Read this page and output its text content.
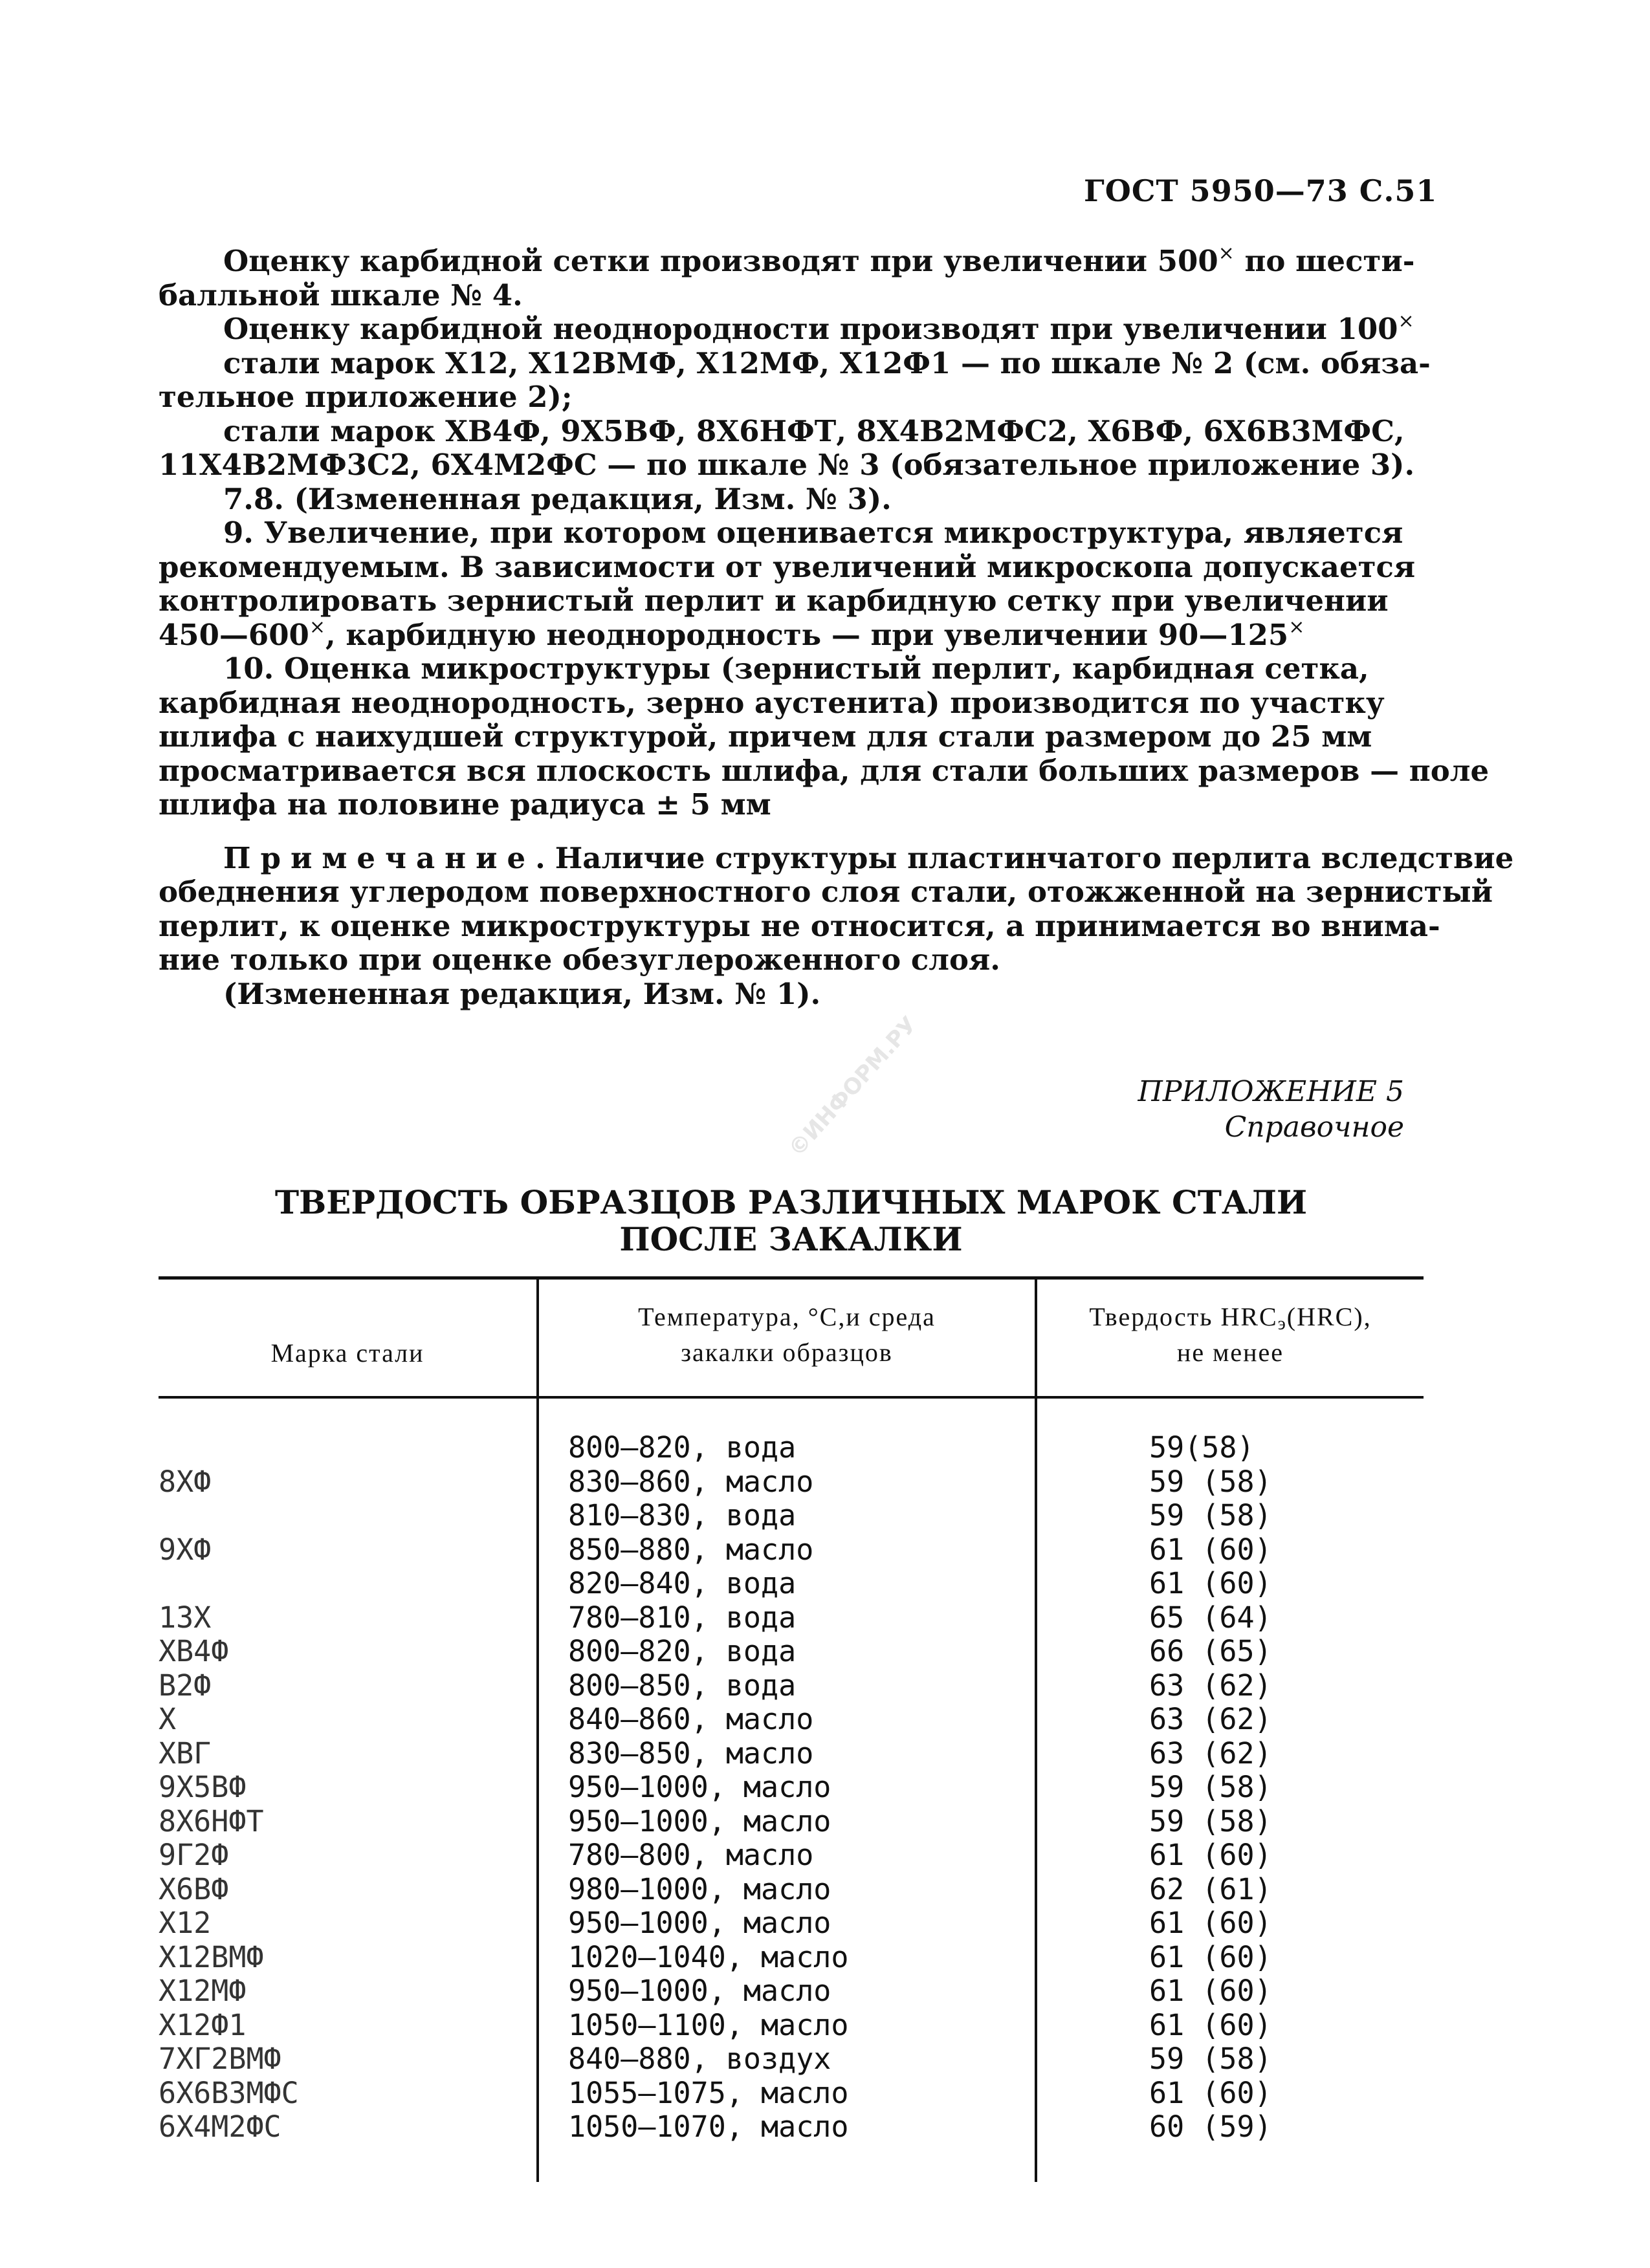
©ИНФОРМ.РУ
ГОСТ 5950—73 С.51
Оценку карбидной сетки производят при увеличении 500× по шести-
балльной шкале № 4.
Оценку карбидной неоднородности производят при увеличении 100×
стали марок Х12, Х12ВМФ, Х12МФ, Х12Ф1 — по шкале № 2 (см. обяза-
тельное приложение 2);
стали марок ХВ4Ф, 9Х5ВФ, 8Х6НФТ, 8Х4В2МФС2, Х6ВФ, 6Х6В3МФС,
11Х4В2МФ3С2, 6Х4М2ФС — по шкале № 3 (обязательное приложение 3).
7.8. (Измененная редакция, Изм. № 3).
9. Увеличение, при котором оценивается микроструктура, является
рекомендуемым. В зависимости от увеличений микроскопа допускается
контролировать зернистый перлит и карбидную сетку при увеличении
450—600×, карбидную неоднородность — при увеличении 90—125×
10. Оценка микроструктуры (зернистый перлит, карбидная сетка,
карбидная неоднородность, зерно аустенита) производится по участку
шлифа с наихудшей структурой, причем для стали размером до 25 мм
просматривается вся плоскость шлифа, для стали больших размеров — поле
шлифа на половине радиуса ± 5 мм
Примечание.Наличие структуры пластинчатого перлита вследствие
обеднения углеродом поверхностного слоя стали, отожженной на зернистый
перлит, к оценке микроструктуры не относится, а принимается во внима-
ние только при оценке обезуглероженного слоя.
(Измененная редакция, Изм. № 1).
ПРИЛОЖЕНИЕ 5
Справочное
ТВЕРДОСТЬ ОБРАЗЦОВ РАЗЛИЧНЫХ МАРОК СТАЛИ
ПОСЛЕ ЗАКАЛКИ
Марка стали
Температура, °С,и среда
закалки образцов
Твердость $HRC_э(HRC)$,
не менее
8ХФ
9ХФ
13Х
ХВ4Ф
В2Ф
Х
ХВГ
9Х5ВФ
8Х6НФТ
9Г2Ф
Х6ВФ
Х12
Х12ВМФ
Х12МФ
Х12Ф1
7ХГ2ВМФ
6Х6В3МФС
6Х4М2ФС
800—820, вода
830—860, масло
810—830, вода
850—880, масло
820—840, вода
780—810, вода
800—820, вода
800—850, вода
840—860, масло
830—850, масло
950—1000, масло
950—1000, масло
780—800, масло
980—1000, масло
950—1000, масло
1020—1040, масло
950—1000, масло
1050—1100, масло
840—880, воздух
1055—1075, масло
1050—1070, масло
59(58)
59 (58)
59 (58)
61 (60)
61 (60)
65 (64)
66 (65)
63 (62)
63 (62)
63 (62)
59 (58)
59 (58)
61 (60)
62 (61)
61 (60)
61 (60)
61 (60)
61 (60)
59 (58)
61 (60)
60 (59)
